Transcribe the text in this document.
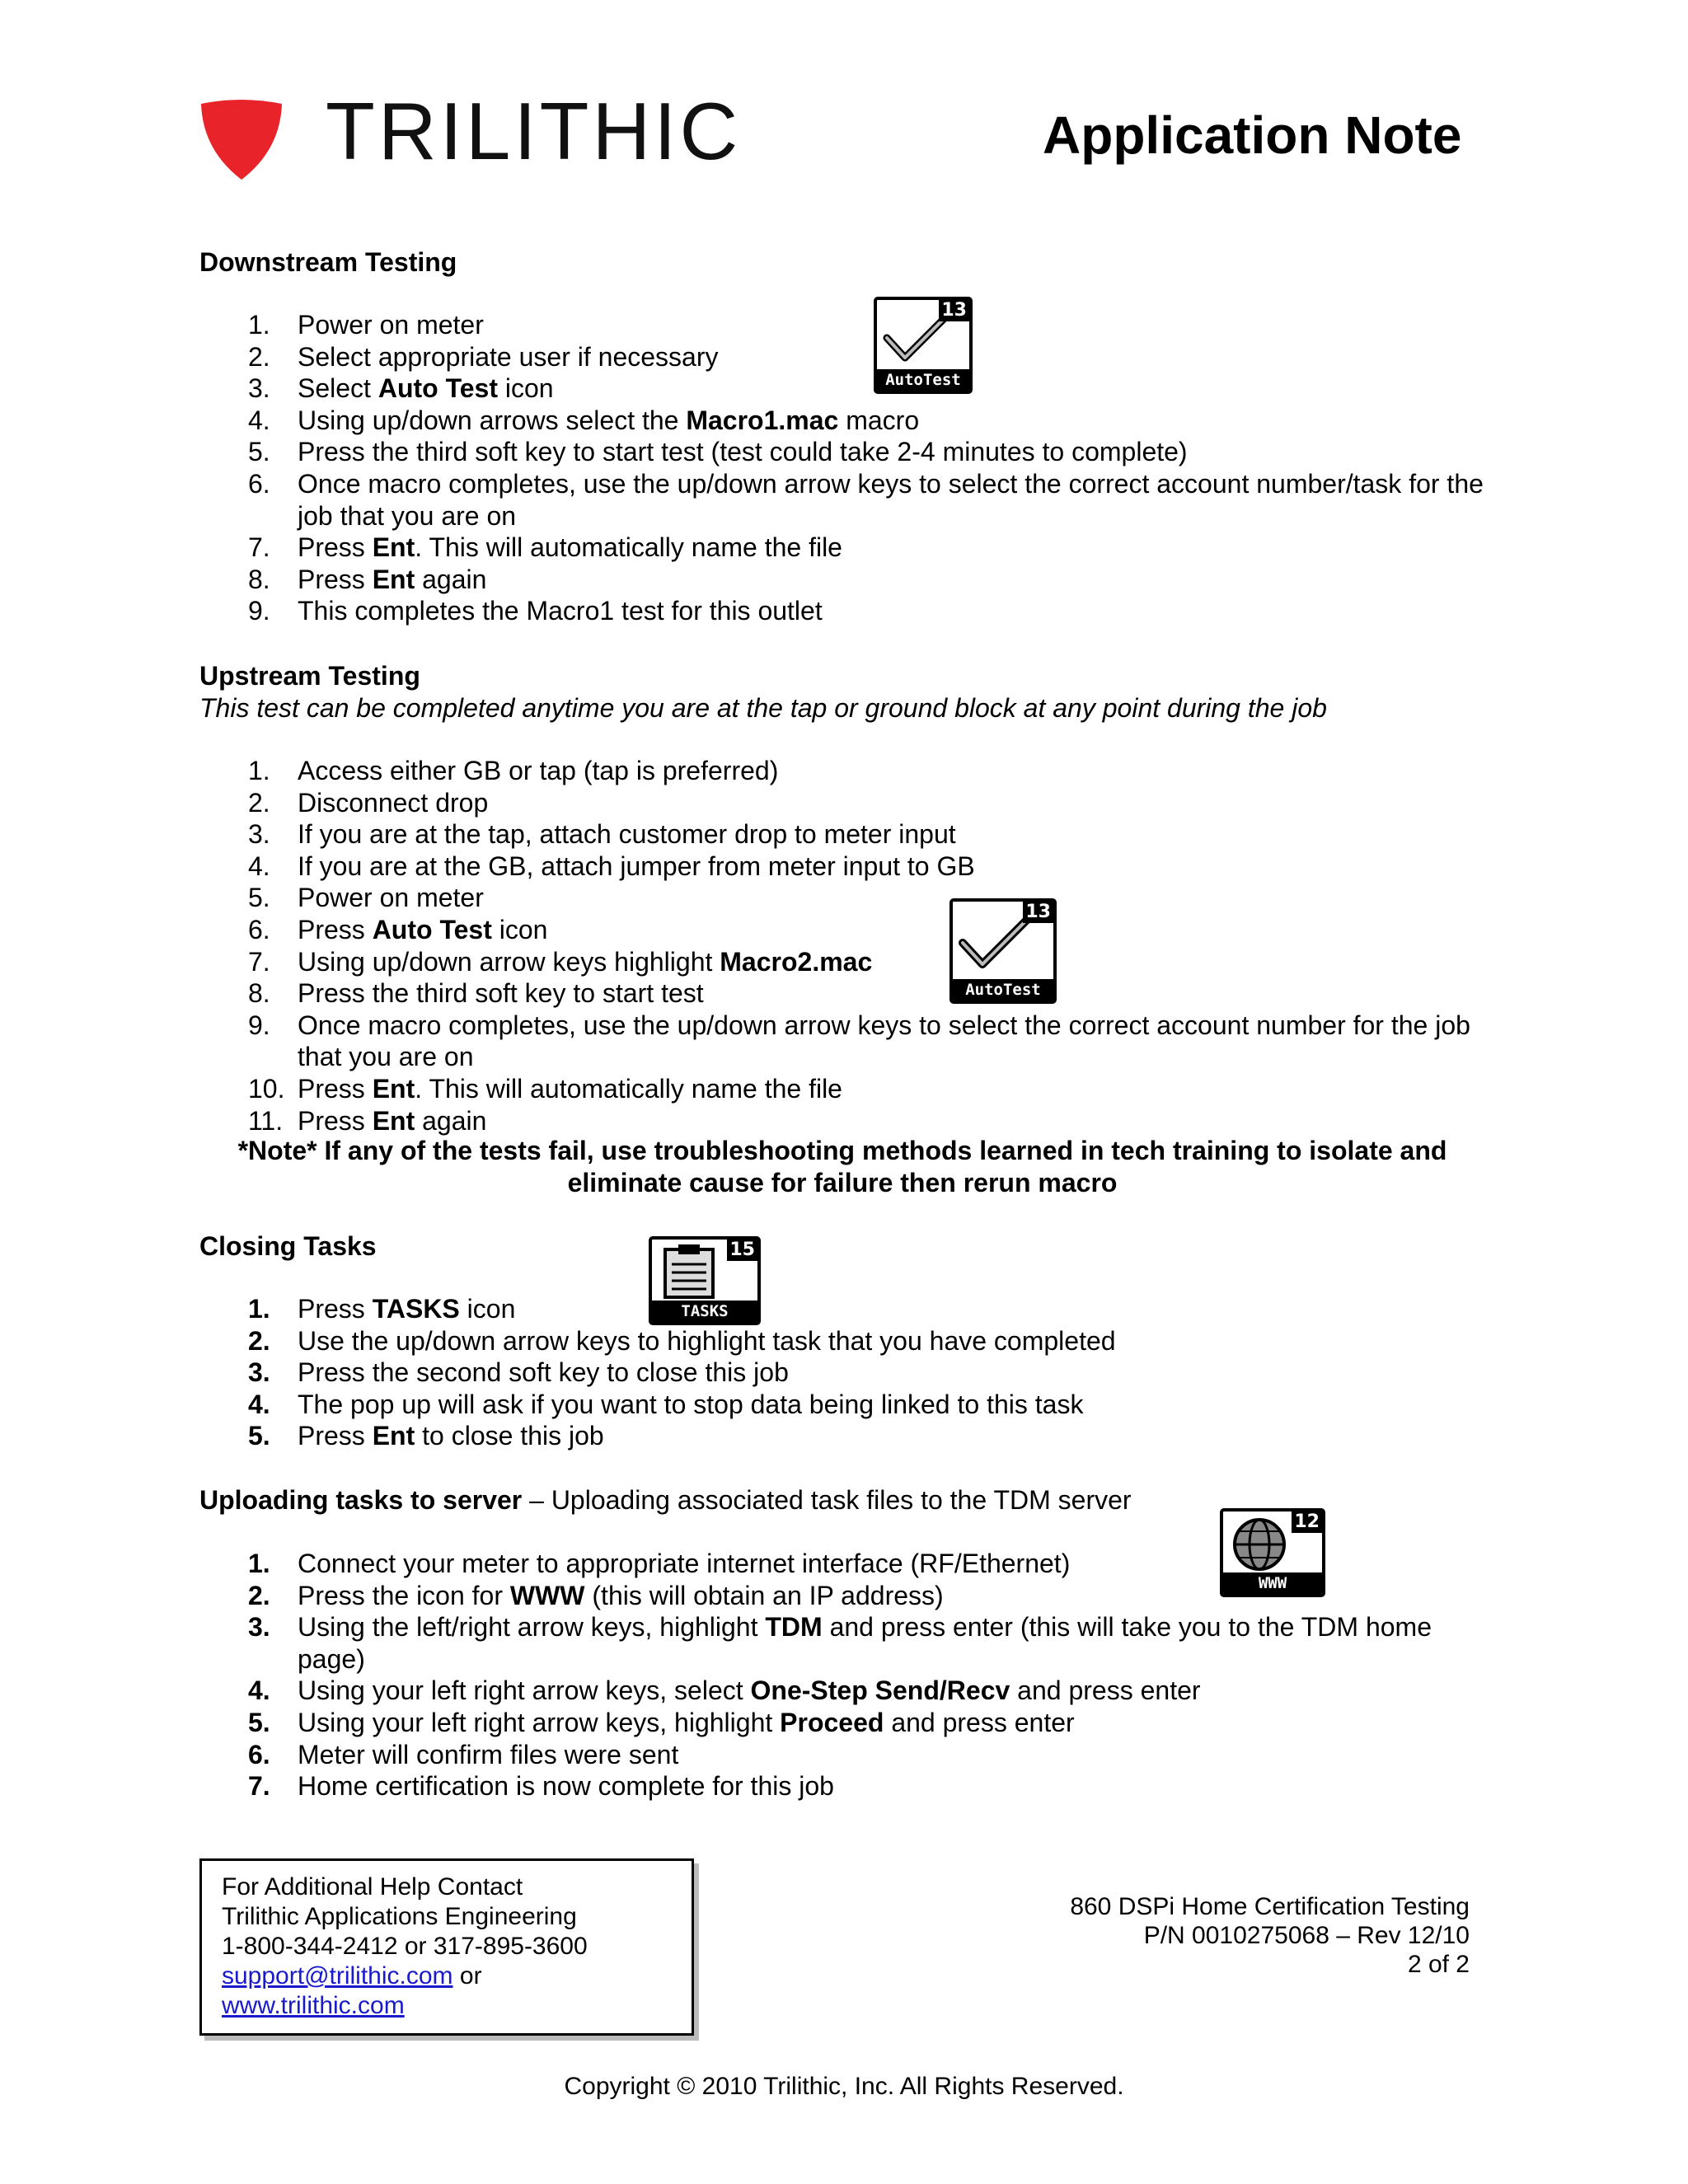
TRILITHIC	Application Note
Downstream Testing
1. Power on meter
2. Select appropriate user if necessary
3. Select Auto Test icon
4. Using up/down arrows select the Macro1.mac macro
5. Press the third soft key to start test (test could take 2-4 minutes to complete)
6. Once macro completes, use the up/down arrow keys to select the correct account number/task for the job that you are on
7. Press Ent. This will automatically name the file
8. Press Ent again
9. This completes the Macro1 test for this outlet
13
AutoTest
Upstream Testing
This test can be completed anytime you are at the tap or ground block at any point during the job
1. Access either GB or tap (tap is preferred)
2. Disconnect drop
3. If you are at the tap, attach customer drop to meter input
4. If you are at the GB, attach jumper from meter input to GB
5. Power on meter
6. Press Auto Test icon
7. Using up/down arrow keys highlight Macro2.mac
8. Press the third soft key to start test
9. Once macro completes, use the up/down arrow keys to select the correct account number for the job that you are on
10. Press Ent. This will automatically name the file
11. Press Ent again
13
AutoTest
*Note* If any of the tests fail, use troubleshooting methods learned in tech training to isolate and eliminate cause for failure then rerun macro
Closing Tasks
1. Press TASKS icon
2. Use the up/down arrow keys to highlight task that you have completed
3. Press the second soft key to close this job
4. The pop up will ask if you want to stop data being linked to this task
5. Press Ent to close this job
15
TASKS
Uploading tasks to server – Uploading associated task files to the TDM server
1. Connect your meter to appropriate internet interface (RF/Ethernet)
2. Press the icon for WWW (this will obtain an IP address)
3. Using the left/right arrow keys, highlight TDM and press enter (this will take you to the TDM home page)
4. Using your left right arrow keys, select One-Step Send/Recv and press enter
5. Using your left right arrow keys, highlight Proceed and press enter
6. Meter will confirm files were sent
7. Home certification is now complete for this job
12
WWW
For Additional Help Contact
Trilithic Applications Engineering
1-800-344-2412 or 317-895-3600
support@trilithic.com or
www.trilithic.com
860 DSPi Home Certification Testing
P/N 0010275068 – Rev 12/10
2 of 2
Copyright © 2010 Trilithic, Inc. All Rights Reserved.
